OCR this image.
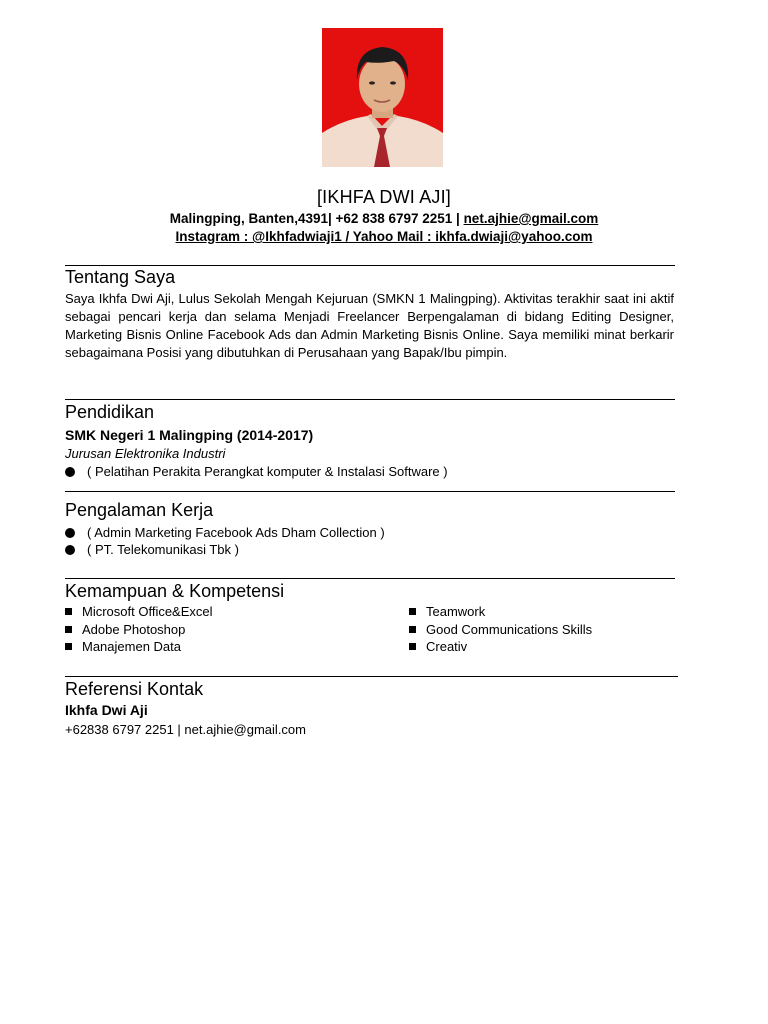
[IKHFA DWI AJI]
Malingping, Banten,4391| +62 838 6797 2251 | net.ajhie@gmail.com
Instagram : @Ikhfadwiaji1 / Yahoo Mail : ikhfa.dwiaji@yahoo.com
Tentang Saya
Saya Ikhfa Dwi Aji, Lulus Sekolah Mengah Kejuruan (SMKN 1 Malingping). Aktivitas terakhir saat ini aktif sebagai pencari kerja dan selama Menjadi Freelancer Berpengalaman di bidang Editing Designer, Marketing Bisnis Online Facebook Ads dan Admin Marketing Bisnis Online. Saya memiliki minat berkarir sebagaimana Posisi yang dibutuhkan di Perusahaan yang Bapak/Ibu pimpin.
Pendidikan
SMK Negeri 1 Malingping (2014-2017)
Jurusan Elektronika Industri
( Pelatihan Perakita Perangkat komputer & Instalasi Software )
Pengalaman Kerja
( Admin Marketing Facebook Ads Dham Collection )
( PT. Telekomunikasi Tbk )
Kemampuan & Kompetensi
Microsoft Office&Excel
Adobe Photoshop
Manajemen Data
Teamwork
Good Communications Skills
Creativ
Referensi Kontak
Ikhfa Dwi Aji
+62838 6797 2251 | net.ajhie@gmail.com
